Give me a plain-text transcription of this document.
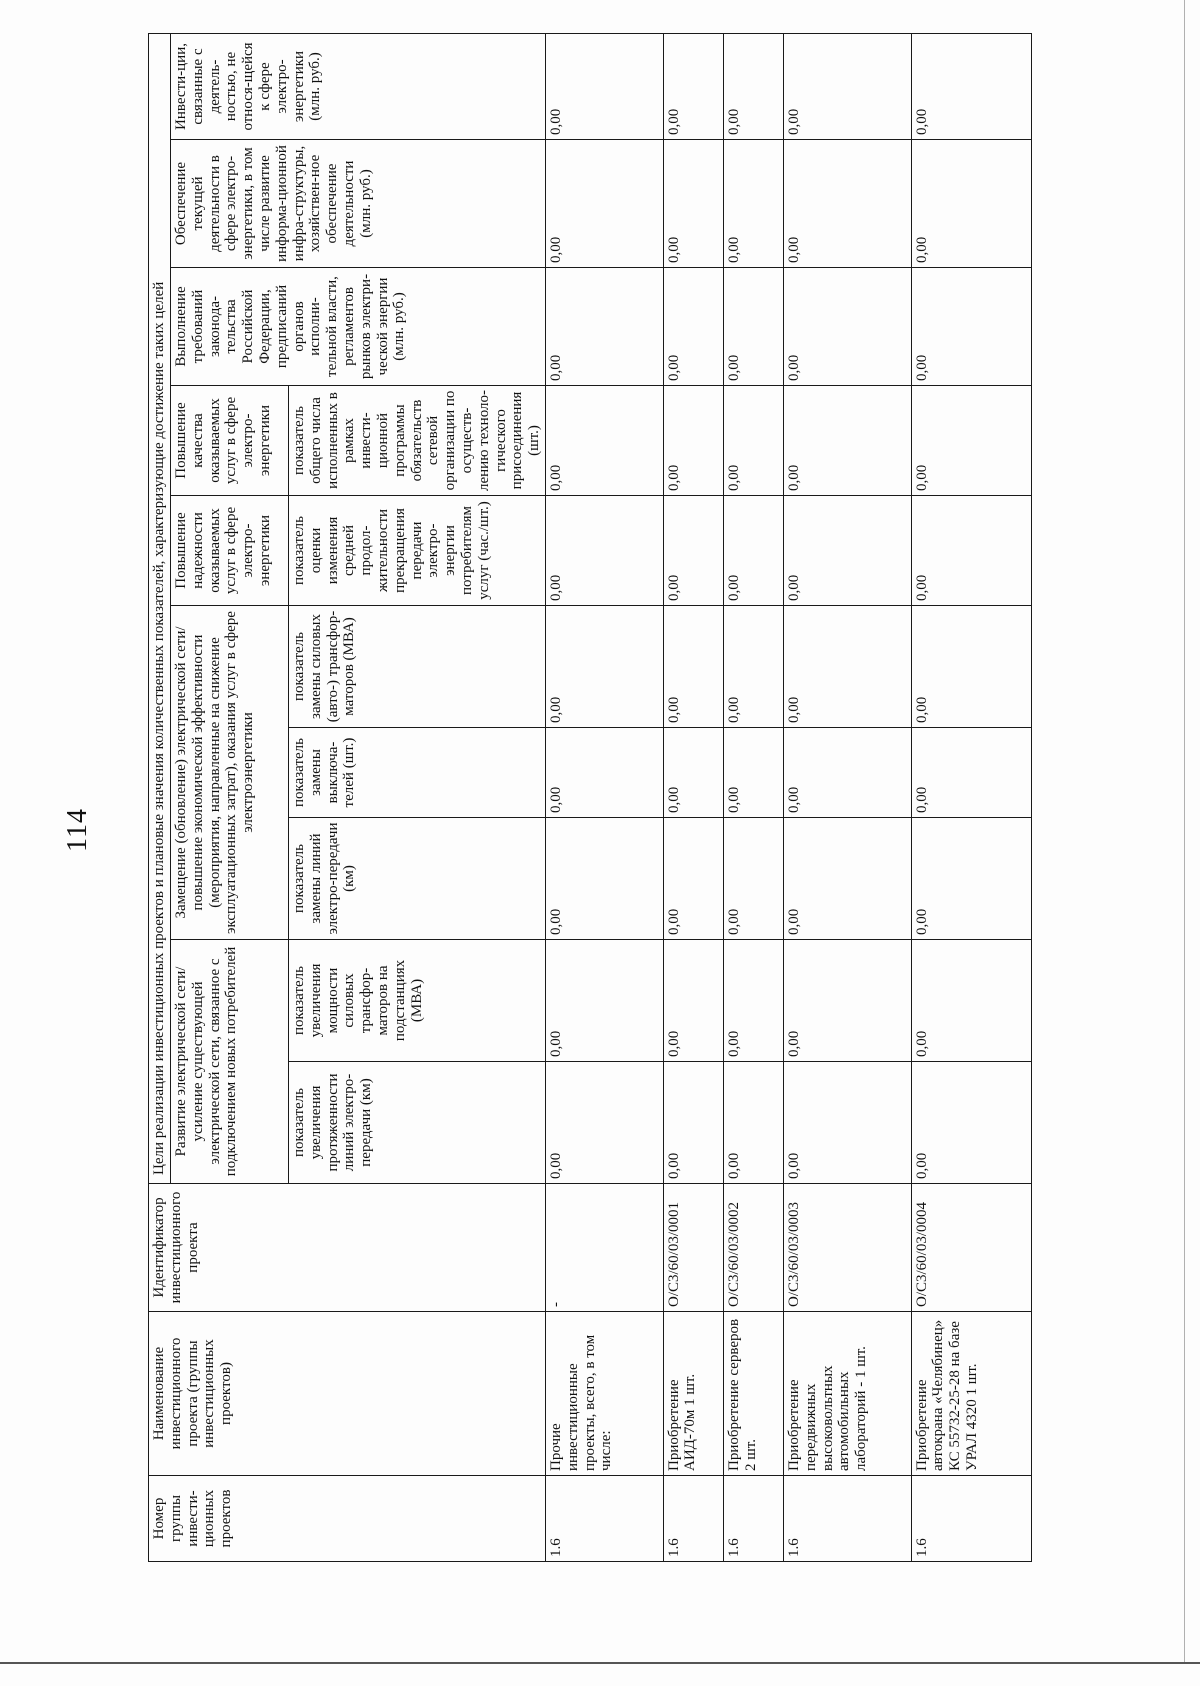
114
Номер группы инвести-ционных проектов	Наименование инвестиционного проекта (группы инвестиционных проектов)	Идентификатор инвестиционного проекта	Цели реализации инвестиционных проектов и плановые значения количественных показателей, характеризующие достижение таких целей									
			Развитие электрической сети/усиление существующей электрической сети, связанное с подключением новых потребителей		Замещение (обновление) электрической сети/повышение экономической эффективности (мероприятия, направленные на снижение эксплуатационных затрат), оказания услуг в сфере электроэнергетики			Повышение надежности оказываемых услуг в сфере электро-энергетики	Повышение качества оказываемых услуг в сфере электро-энергетики	Выполнение требований законода-тельства Российской Федерации, предписаний органов исполни-тельной власти, регламентов рынков электри-ческой энергии (млн. руб.)	Обеспечение текущей деятельности в сфере электро-энергетики, в том числе развитие информа-ционной инфра-структуры, хозяйствен-ное обеспечение деятельности (млн. руб.)	Инвести-ции, связанные с деятель-ностью, не относя-щейся к сфере электро-энергетики (млн. руб.)
			показатель увеличения протяженности линий электро-передачи (км)	показатель увеличения мощности силовых трансфор-маторов на подстанциях (МВА)	показатель замены линий электро-передачи (км)	показатель замены выключа-телей (шт.)	показатель замены силовых (авто-) трансфор-маторов (МВА)	показатель оценки изменения средней продол-жительности прекращения передачи электро-энергии потребителям услуг (час./шт.)	показатель общего числа исполненных в рамках инвести-ционной программы обязательств сетевой организации по осуществ-лению техноло-гического присоединения (шт.)			
1.6	Прочие инвестиционные проекты, всего, в том числе:	-	0,00	0,00	0,00	0,00	0,00	0,00	0,00	0,00	0,00	0,00
1.6	Приобретение АИД-70м 1 шт.	О/С3/60/03/0001	0,00	0,00	0,00	0,00	0,00	0,00	0,00	0,00	0,00	0,00
1.6	Приобретение серверов 2 шт.	О/С3/60/03/0002	0,00	0,00	0,00	0,00	0,00	0,00	0,00	0,00	0,00	0,00
1.6	Приобретение передвижных высоковольтных автомобильных лабораторий - 1 шт.	О/С3/60/03/0003	0,00	0,00	0,00	0,00	0,00	0,00	0,00	0,00	0,00	0,00
1.6	Приобретение автокрана «Челябинец» КС 55732-25-28 на базе УРАЛ 4320 1 шт.	О/С3/60/03/0004	0,00	0,00	0,00	0,00	0,00	0,00	0,00	0,00	0,00	0,00
